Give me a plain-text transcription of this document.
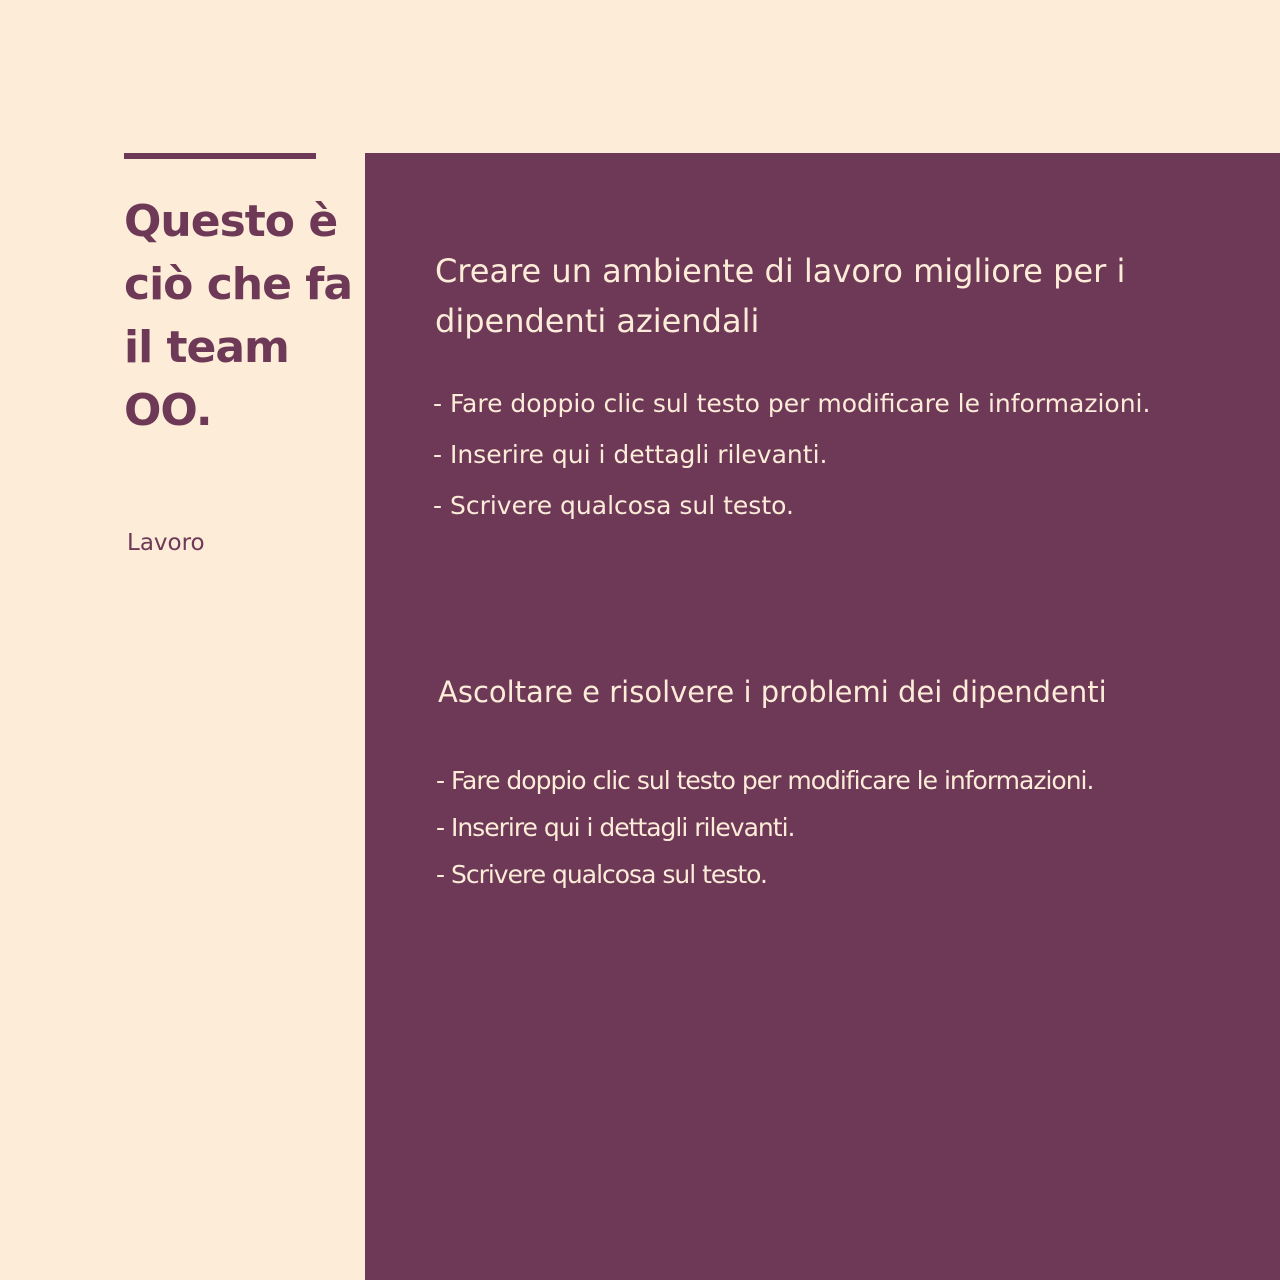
Questo è ciò che fa il team OO.
Lavoro
Creare un ambiente di lavoro migliore per i dipendenti aziendali
- Fare doppio clic sul testo per modificare le informazioni.
- Inserire qui i dettagli rilevanti.
- Scrivere qualcosa sul testo.
Ascoltare e risolvere i problemi dei dipendenti
- Fare doppio clic sul testo per modificare le informazioni.
- Inserire qui i dettagli rilevanti.
- Scrivere qualcosa sul testo.
